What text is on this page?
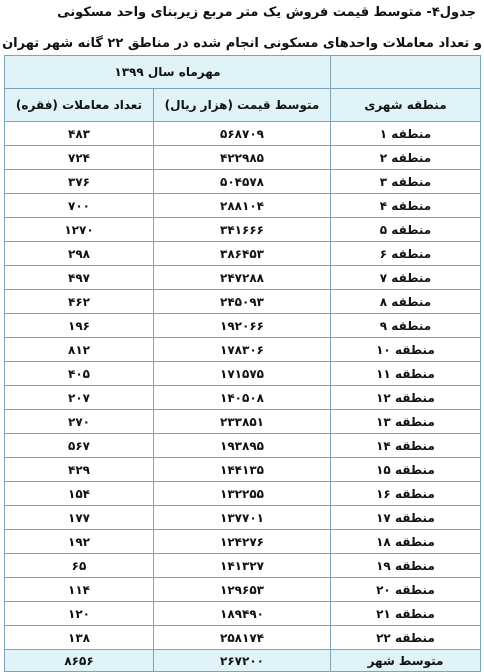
جدول۴- متوسط قیمت فروش یک متر مربع زیربنای واحد مسکونی

و تعداد معاملات واحدهای مسکونی انجام شده در مناطق ۲۲ گانه شهر تهران

	مهرماه سال ۱۳۹۹	
منطقه شهری	متوسط قیمت (هزار ریال)	تعداد معاملات (فقره)
منطقه ۱	۵۶۸۷۰۹	۴۸۳
منطقه ۲	۴۲۲۹۸۵	۷۲۴
منطقه ۳	۵۰۴۵۷۸	۳۷۶
منطقه ۴	۲۸۸۱۰۴	۷۰۰
منطقه ۵	۳۴۱۶۶۶	۱۲۷۰
منطقه ۶	۳۸۶۴۵۳	۲۹۸
منطقه ۷	۲۴۷۲۸۸	۴۹۷
منطقه ۸	۲۴۵۰۹۳	۴۶۲
منطقه ۹	۱۹۲۰۶۶	۱۹۶
منطقه ۱۰	۱۷۸۳۰۶	۸۱۲
منطقه ۱۱	۱۷۱۵۷۵	۴۰۵
منطقه ۱۲	۱۴۰۵۰۸	۲۰۷
منطقه ۱۳	۲۳۳۸۵۱	۲۷۰
منطقه ۱۴	۱۹۳۸۹۵	۵۶۷
منطقه ۱۵	۱۴۴۱۳۵	۴۲۹
منطقه ۱۶	۱۳۲۲۵۵	۱۵۴
منطقه ۱۷	۱۳۷۷۰۱	۱۷۷
منطقه ۱۸	۱۲۴۲۷۶	۱۹۲
منطقه ۱۹	۱۴۱۳۲۷	۶۵
منطقه ۲۰	۱۲۹۶۵۳	۱۱۴
منطقه ۲۱	۱۸۹۴۹۰	۱۲۰
منطقه ۲۲	۲۵۸۱۷۴	۱۳۸
متوسط شهر	۲۶۷۲۰۰	۸۶۵۶
